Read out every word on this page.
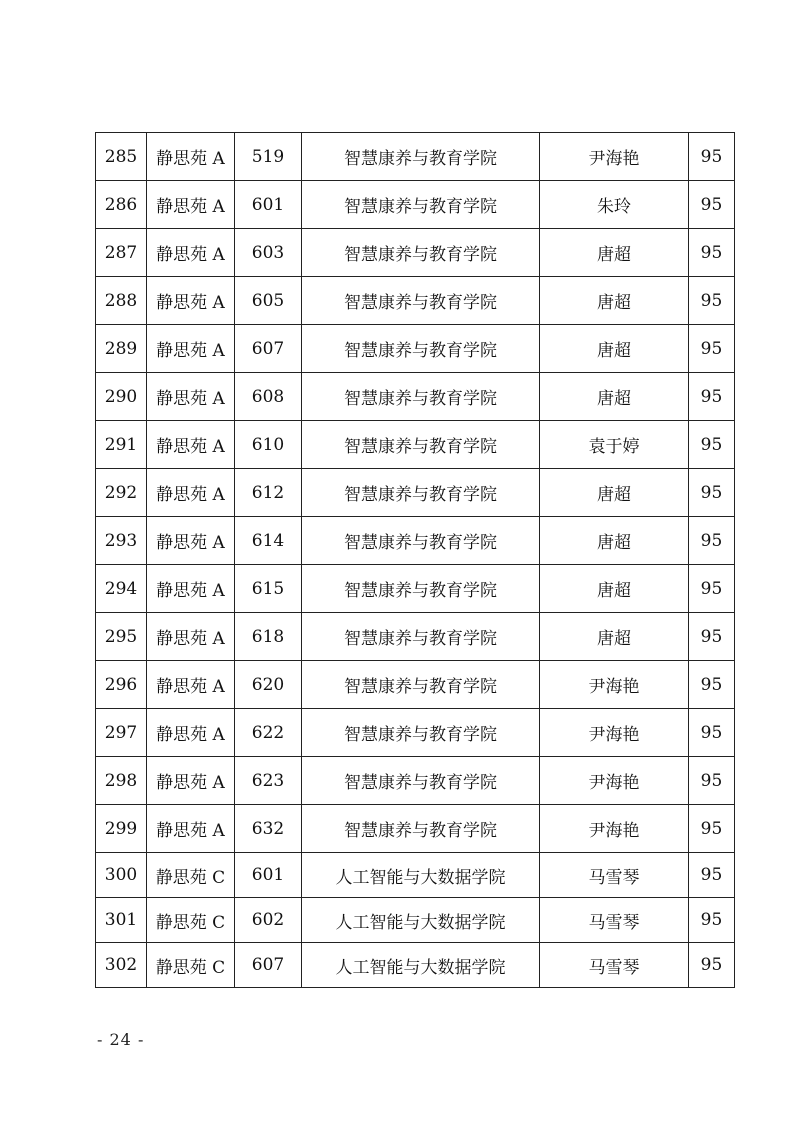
285	静思苑 A	519	智慧康养与教育学院	尹海艳	95
286	静思苑 A	601	智慧康养与教育学院	朱玲	95
287	静思苑 A	603	智慧康养与教育学院	唐超	95
288	静思苑 A	605	智慧康养与教育学院	唐超	95
289	静思苑 A	607	智慧康养与教育学院	唐超	95
290	静思苑 A	608	智慧康养与教育学院	唐超	95
291	静思苑 A	610	智慧康养与教育学院	袁于婷	95
292	静思苑 A	612	智慧康养与教育学院	唐超	95
293	静思苑 A	614	智慧康养与教育学院	唐超	95
294	静思苑 A	615	智慧康养与教育学院	唐超	95
295	静思苑 A	618	智慧康养与教育学院	唐超	95
296	静思苑 A	620	智慧康养与教育学院	尹海艳	95
297	静思苑 A	622	智慧康养与教育学院	尹海艳	95
298	静思苑 A	623	智慧康养与教育学院	尹海艳	95
299	静思苑 A	632	智慧康养与教育学院	尹海艳	95
300	静思苑 C	601	人工智能与大数据学院	马雪琴	95
301	静思苑 C	602	人工智能与大数据学院	马雪琴	95
302	静思苑 C	607	人工智能与大数据学院	马雪琴	95
- 24 -
